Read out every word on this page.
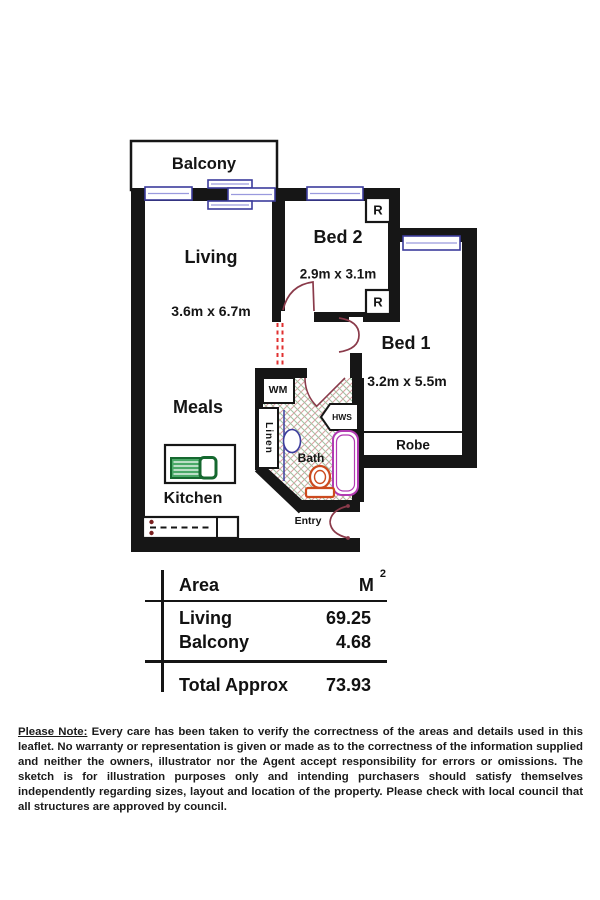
Balcony
Living
3.6m x 6.7m
Bed 2
2.9m x 3.1m
R
R
Bed 1
3.2m x 5.5m
Meals
Kitchen
Bath
Entry
Robe
WM
Linen
HWS
Area	$M^2$
Living	69.25
Balcony	4.68
Total Approx 73.93

Please Note: Every care has been taken to verify the correctness of the areas and details used in this leaflet. No warranty or representation is given or made as to the correctness of the information supplied and neither the owners, illustrator nor the Agent accept responsibility for errors or omissions. The sketch is for illustration purposes only and intending purchasers should satisfy themselves independently regarding sizes, layout and location of the property. Please check with local council that all structures are approved by council.
